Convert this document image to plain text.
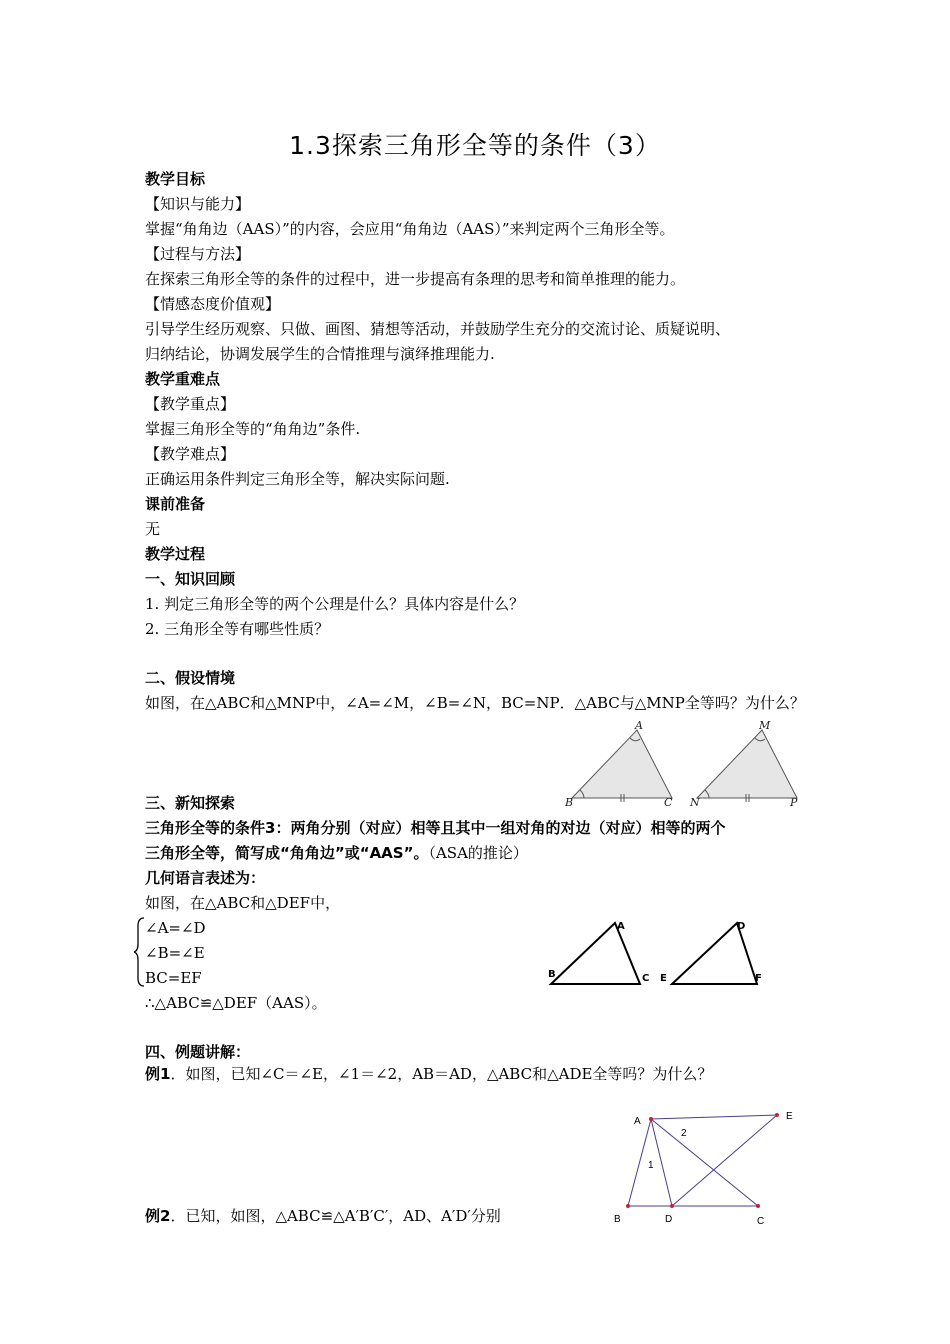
1.3探索三角形全等的条件（3）
教学目标
【知识与能力】
掌握“角角边（AAS）”的内容，会应用“角角边（AAS）”来判定两个三角形全等。
【过程与方法】
在探索三角形全等的条件的过程中，进一步提高有条理的思考和简单推理的能力。
【情感态度价值观】
引导学生经历观察、只做、画图、猜想等活动，并鼓励学生充分的交流讨论、质疑说明、
归纳结论，协调发展学生的合情推理与演绎推理能力.
教学重难点
【教学重点】
掌握三角形全等的“角角边”条件.
【教学难点】
正确运用条件判定三角形全等，解决实际问题.
课前准备
无
教学过程
一、知识回顾
1. 判定三角形全等的两个公理是什么？具体内容是什么？
2. 三角形全等有哪些性质？
二、假设情境
如图，在△ABC和△MNP中，∠A=∠M，∠B=∠N，BC=NP．△ABC与△MNP全等吗？为什么？
A
B	C
M
N	P
三、新知探索
三角形全等的条件3：两角分别（对应）相等且其中一组对角的对边（对应）相等的两个
三角形全等，简写成“角角边”或“AAS”。（ASA的推论）
几何语言表述为：
如图，在△ABC和△DEF中，
∠A=∠D
∠B=∠E
BC=EF
∴△ABC≌△DEF（AAS）。
A
B	C
D
E	F
四、例题讲解：
例1．如图，已知∠C＝∠E，∠1＝∠2，AB＝AD，△ABC和△ADE全等吗？为什么？
A	E
B	D	C
1
2
例2．已知，如图，△ABC≌△A′B′C′，AD、A′D′分别
